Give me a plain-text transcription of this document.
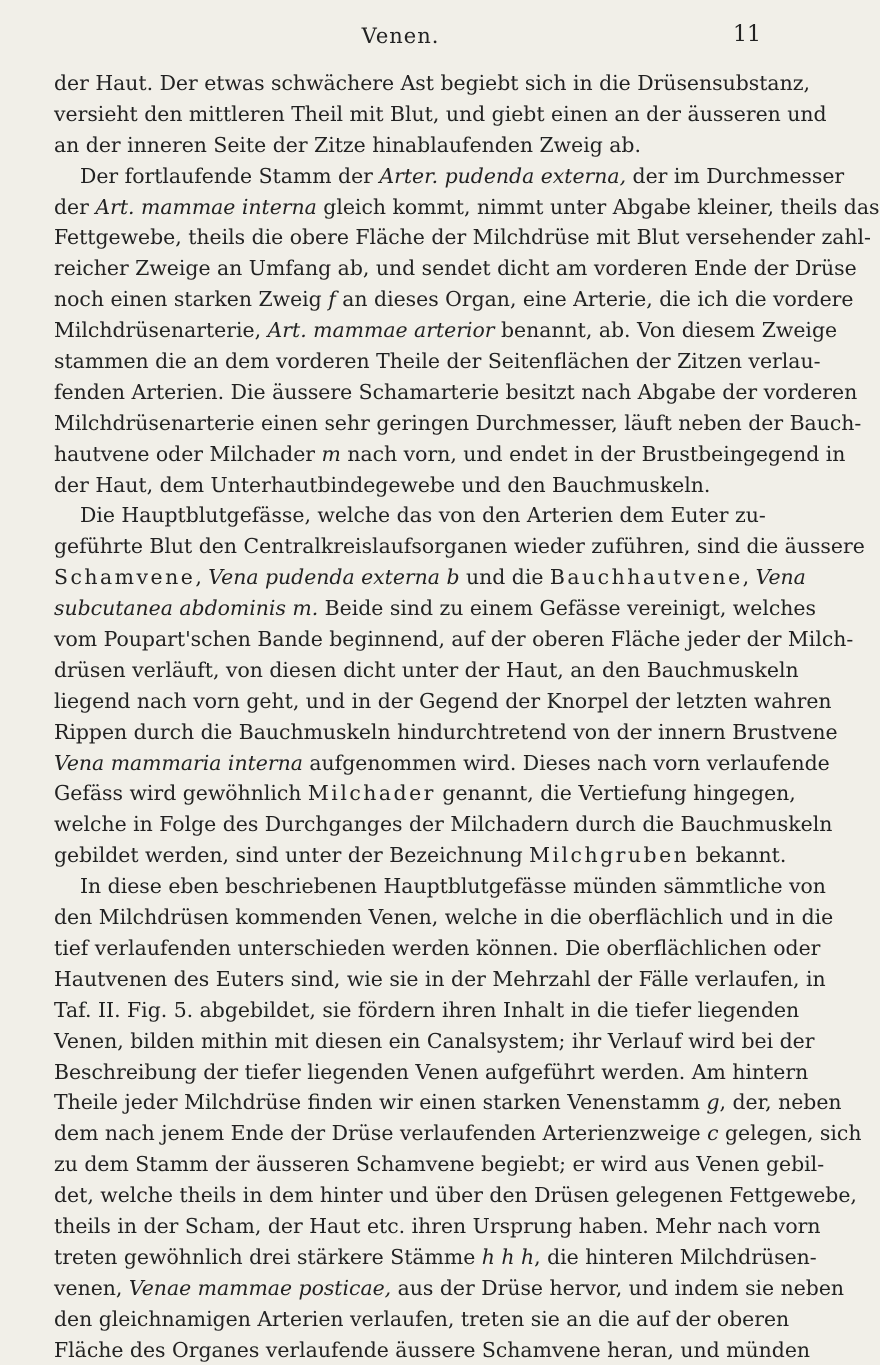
Venen.	11
der Haut. Der etwas schwächere Ast begiebt sich in die Drüsensubstanz,
versieht den mittleren Theil mit Blut, und giebt einen an der äusseren und
an der inneren Seite der Zitze hinablaufenden Zweig ab.
Der fortlaufende Stamm der Arter. pudenda externa, der im Durchmesser
der Art. mammae interna gleich kommt, nimmt unter Abgabe kleiner, theils das
Fettgewebe, theils die obere Fläche der Milchdrüse mit Blut versehender zahl-
reicher Zweige an Umfang ab, und sendet dicht am vorderen Ende der Drüse
noch einen starken Zweig f an dieses Organ, eine Arterie, die ich die vordere
Milchdrüsenarterie, Art. mammae arterior benannt, ab. Von diesem Zweige
stammen die an dem vorderen Theile der Seitenflächen der Zitzen verlau-
fenden Arterien. Die äussere Schamarterie besitzt nach Abgabe der vorderen
Milchdrüsenarterie einen sehr geringen Durchmesser, läuft neben der Bauch-
hautvene oder Milchader m nach vorn, und endet in der Brustbeingegend in
der Haut, dem Unterhautbindegewebe und den Bauchmuskeln.
Die Hauptblutgefässe, welche das von den Arterien dem Euter zu-
geführte Blut den Centralkreislaufsorganen wieder zuführen, sind die äussere
Schamvene, Vena pudenda externa b und die Bauchhautvene, Vena
subcutanea abdominis m. Beide sind zu einem Gefässe vereinigt, welches
vom Poupart'schen Bande beginnend, auf der oberen Fläche jeder der Milch-
drüsen verläuft, von diesen dicht unter der Haut, an den Bauchmuskeln
liegend nach vorn geht, und in der Gegend der Knorpel der letzten wahren
Rippen durch die Bauchmuskeln hindurchtretend von der innern Brustvene
Vena mammaria interna aufgenommen wird. Dieses nach vorn verlaufende
Gefäss wird gewöhnlich Milchader genannt, die Vertiefung hingegen,
welche in Folge des Durchganges der Milchadern durch die Bauchmuskeln
gebildet werden, sind unter der Bezeichnung Milchgruben bekannt.
In diese eben beschriebenen Hauptblutgefässe münden sämmtliche von
den Milchdrüsen kommenden Venen, welche in die oberflächlich und in die
tief verlaufenden unterschieden werden können. Die oberflächlichen oder
Hautvenen des Euters sind, wie sie in der Mehrzahl der Fälle verlaufen, in
Taf. II. Fig. 5. abgebildet, sie fördern ihren Inhalt in die tiefer liegenden
Venen, bilden mithin mit diesen ein Canalsystem; ihr Verlauf wird bei der
Beschreibung der tiefer liegenden Venen aufgeführt werden. Am hintern
Theile jeder Milchdrüse finden wir einen starken Venenstamm g, der, neben
dem nach jenem Ende der Drüse verlaufenden Arterienzweige c gelegen, sich
zu dem Stamm der äusseren Schamvene begiebt; er wird aus Venen gebil-
det, welche theils in dem hinter und über den Drüsen gelegenen Fettgewebe,
theils in der Scham, der Haut etc. ihren Ursprung haben. Mehr nach vorn
treten gewöhnlich drei stärkere Stämme h h h, die hinteren Milchdrüsen-
venen, Venae mammae posticae, aus der Drüse hervor, und indem sie neben
den gleichnamigen Arterien verlaufen, treten sie an die auf der oberen
Fläche des Organes verlaufende äussere Schamvene heran, und münden
